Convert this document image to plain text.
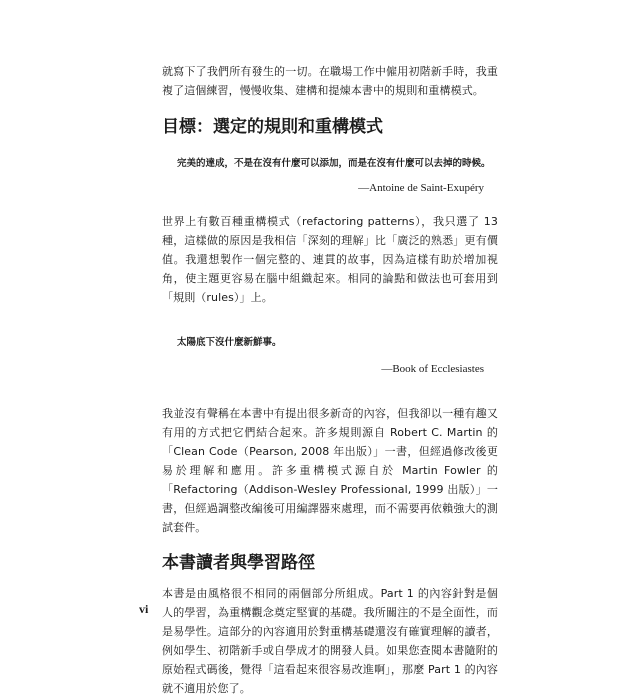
就寫下了我們所有發生的一切。在職場工作中僱用初階新手時，我重複了這個練習，慢慢收集、建構和提煉本書中的規則和重構模式。

目標：選定的規則和重構模式

完美的達成，不是在沒有什麼可以添加，而是在沒有什麼可以去掉的時候。

—Antoine de Saint-Exupéry

世界上有數百種重構模式（refactoring patterns），我只選了 13 種，這樣做的原因是我相信「深刻的理解」比「廣泛的熟悉」更有價值。我還想製作一個完整的、連貫的故事，因為這樣有助於增加視角，使主題更容易在腦中組織起來。相同的論點和做法也可套用到「規則（rules）」上。

太陽底下沒什麼新鮮事。

—Book of Ecclesiastes

我並沒有聲稱在本書中有提出很多新奇的內容，但我卻以一種有趣又有用的方式把它們結合起來。許多規則源自 Robert C. Martin 的「Clean Code（Pearson, 2008 年出版）」一書，但經過修改後更易於理解和應用。許多重構模式源自於 Martin Fowler 的「Refactoring（Addison-Wesley Professional, 1999 出版）」一書，但經過調整改編後可用編譯器來處理，而不需要再依賴強大的測試套件。

本書讀者與學習路徑

本書是由風格很不相同的兩個部分所組成。Part 1 的內容針對是個人的學習，為重構觀念奠定堅實的基礎。我所關注的不是全面性，而是易學性。這部分的內容適用於對重構基礎還沒有確實理解的讀者，例如學生、初階新手或自學成才的開發人員。如果您查閱本書隨附的原始程式碼後，覺得「這看起來很容易改進啊」，那麼 Part 1 的內容就不適用於您了。

vi
